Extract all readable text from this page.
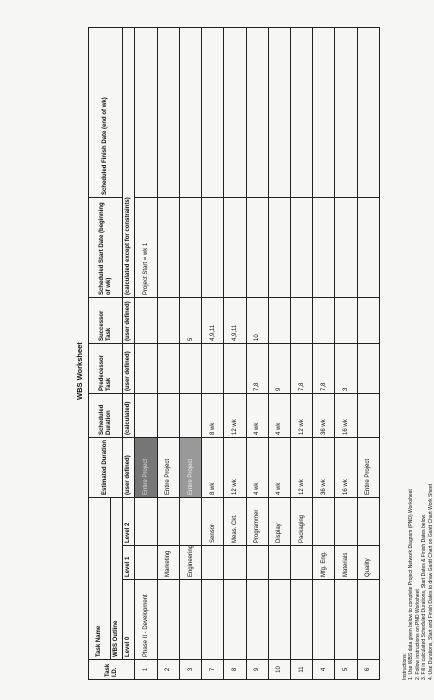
Instructions: 1. Use WBS data given below to complete Project Network Diagram (PND) Worksheet 2. Follow instructions on PND Worksheet 3. Fill in calculated Scheduled Durations, Start Dates & Finish Dates below. 4. Use Durations, Start and Finish Dates to draw Gantt Chart on Gantt Chart Work Sheet
WBS Worksheet
Task I.D.	Task Name			Estimated Duration	Scheduled Duration	Predecessor Task	Successor Task	Scheduled Start Date (beginning of wk)	Scheduled Finish Date (end of wk)
	WBS Outline								
	Level 0	Level 1	Level 2	(user defined)	(calculated)	(user defined)	(user defined)	(calculated except for constraints)	
1	Phase II - Development			Entire Project				Project Start = wk 1	
2		Marketing		Entire Project					
3		Engineering		Entire Project			5		
7			Sensor	8 wk	8 wk		4,9,11		
8			Meas. Ckt.	12 wk	12 wk		4,9,11		
9			Programmer	4 wk	4 wk	7,8	10		
10			Display	4 wk	4 wk	9			
11			Packaging	12 wk	12 wk	7,8			
4		Mfg. Eng.		36 wk	36 wk	7,8			
5		Materials		16 wk	16 wk	3			
6		Quality		Entire Project					
